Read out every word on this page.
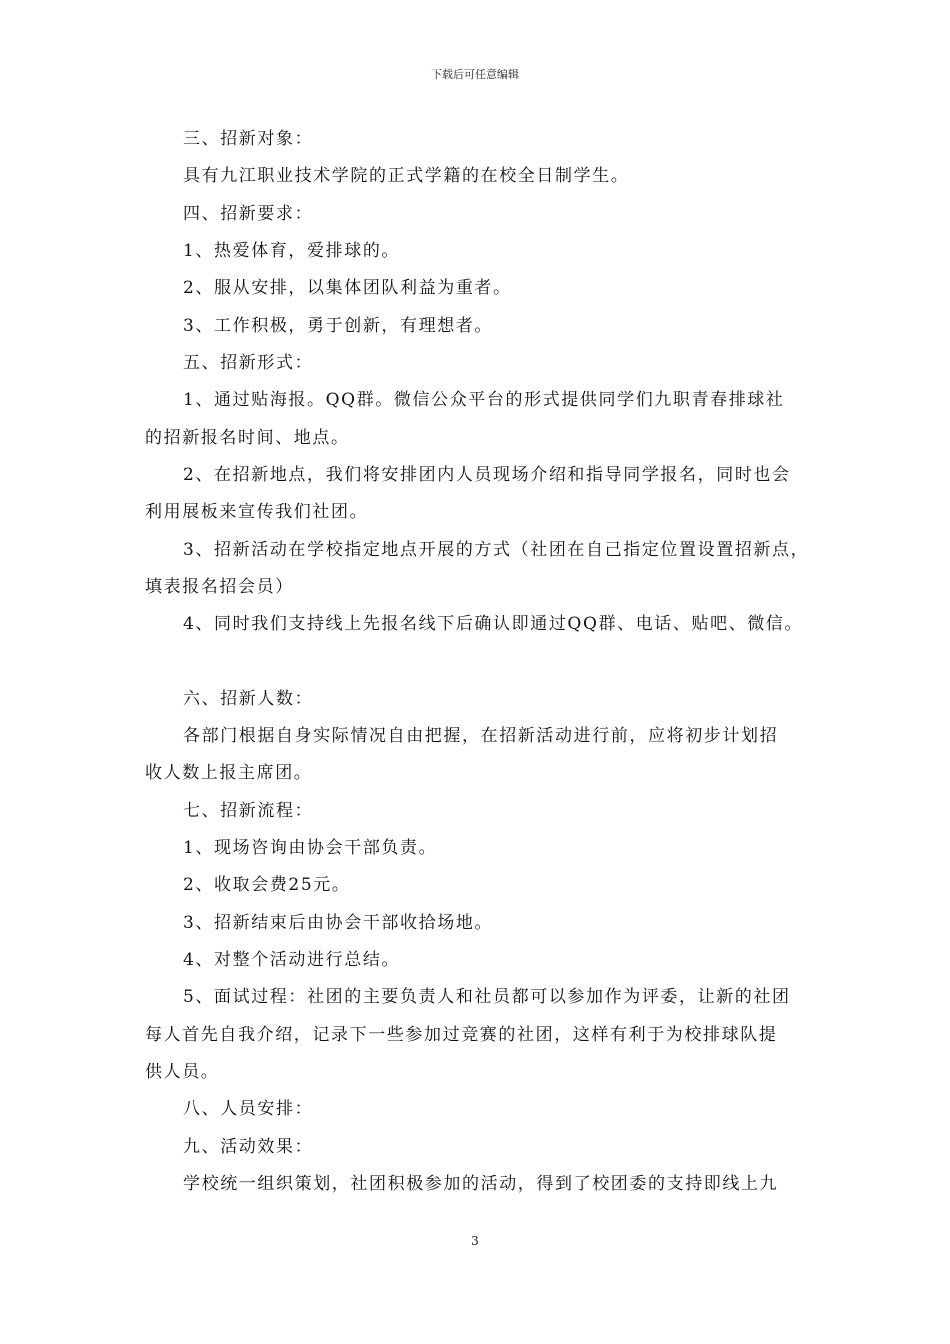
下载后可任意编辑
三、招新对象：
具有九江职业技术学院的正式学籍的在校全日制学生。
四、招新要求：
1、热爱体育，爱排球的。
2、服从安排，以集体团队利益为重者。
3、工作积极，勇于创新，有理想者。
五、招新形式：
1、通过贴海报。QQ群。微信公众平台的形式提供同学们九职青春排球社
的招新报名时间、地点。
2、在招新地点，我们将安排团内人员现场介绍和指导同学报名，同时也会
利用展板来宣传我们社团。
3、招新活动在学校指定地点开展的方式（社团在自己指定位置设置招新点，
填表报名招会员）
4、同时我们支持线上先报名线下后确认即通过QQ群、电话、贴吧、微信。
六、招新人数：
各部门根据自身实际情况自由把握，在招新活动进行前，应将初步计划招
收人数上报主席团。
七、招新流程：
1、现场咨询由协会干部负责。
2、收取会费25元。
3、招新结束后由协会干部收拾场地。
4、对整个活动进行总结。
5、面试过程：社团的主要负责人和社员都可以参加作为评委，让新的社团
每人首先自我介绍，记录下一些参加过竞赛的社团，这样有利于为校排球队提
供人员。
八、人员安排：
九、活动效果：
学校统一组织策划，社团积极参加的活动，得到了校团委的支持即线上九
3
